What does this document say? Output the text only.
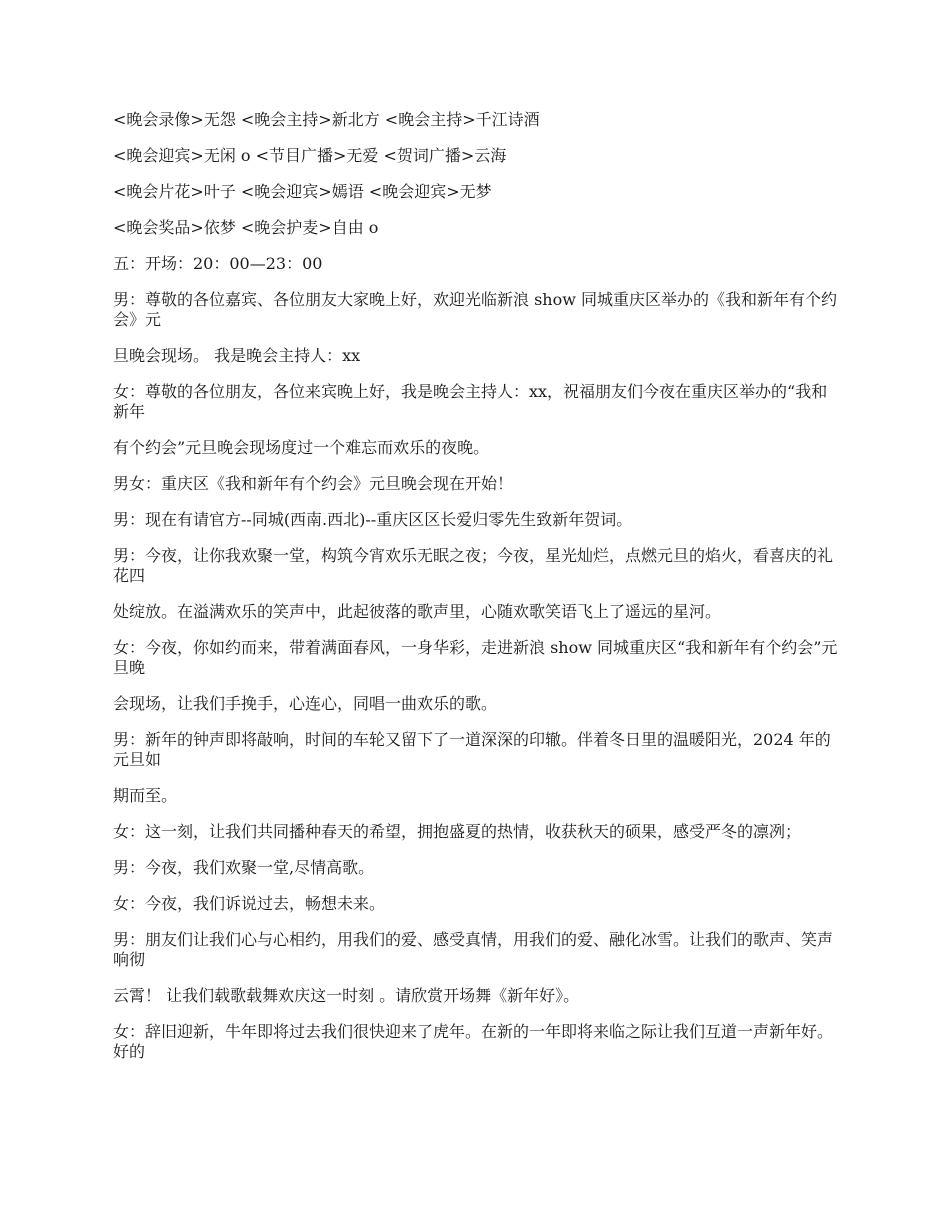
<晚会录像>无怨 <晚会主持>新北方 <晚会主持>千江诗酒

<晚会迎宾>无闲 o <节目广播>无爱 <贺词广播>云海

<晚会片花>叶子 <晚会迎宾>嫣语 <晚会迎宾>无梦

<晚会奖品>依梦 <晚会护麦>自由 o

五：开场：20：00—23：00

男：尊敬的各位嘉宾、各位朋友大家晚上好，欢迎光临新浪 show 同城重庆区举办的《我和新年有个约会》元

旦晚会现场。 我是晚会主持人：xx

女：尊敬的各位朋友，各位来宾晚上好，我是晚会主持人：xx，祝福朋友们今夜在重庆区举办的“我和新年

有个约会”元旦晚会现场度过一个难忘而欢乐的夜晚。

男女：重庆区《我和新年有个约会》元旦晚会现在开始！

男：现在有请官方--同城(西南.西北)--重庆区区长爱归零先生致新年贺词。

男：今夜，让你我欢聚一堂，构筑今宵欢乐无眠之夜；今夜，星光灿烂，点燃元旦的焰火，看喜庆的礼花四

处绽放。在溢满欢乐的笑声中，此起彼落的歌声里，心随欢歌笑语飞上了遥远的星河。

女：今夜，你如约而来，带着满面春风，一身华彩，走进新浪 show 同城重庆区“我和新年有个约会”元旦晚

会现场，让我们手挽手，心连心，同唱一曲欢乐的歌。

男：新年的钟声即将敲响，时间的车轮又留下了一道深深的印辙。伴着冬日里的温暖阳光，2024 年的元旦如

期而至。

女：这一刻，让我们共同播种春天的希望，拥抱盛夏的热情，收获秋天的硕果，感受严冬的凛冽；

男：今夜，我们欢聚一堂,尽情高歌。

女：今夜，我们诉说过去，畅想未来。

男：朋友们让我们心与心相约，用我们的爱、感受真情，用我们的爱、融化冰雪。让我们的歌声、笑声响彻

云霄！ 让我们载歌载舞欢庆这一时刻 。请欣赏开场舞《新年好》。

女：辞旧迎新，牛年即将过去我们很快迎来了虎年。在新的一年即将来临之际让我们互道一声新年好。好的
